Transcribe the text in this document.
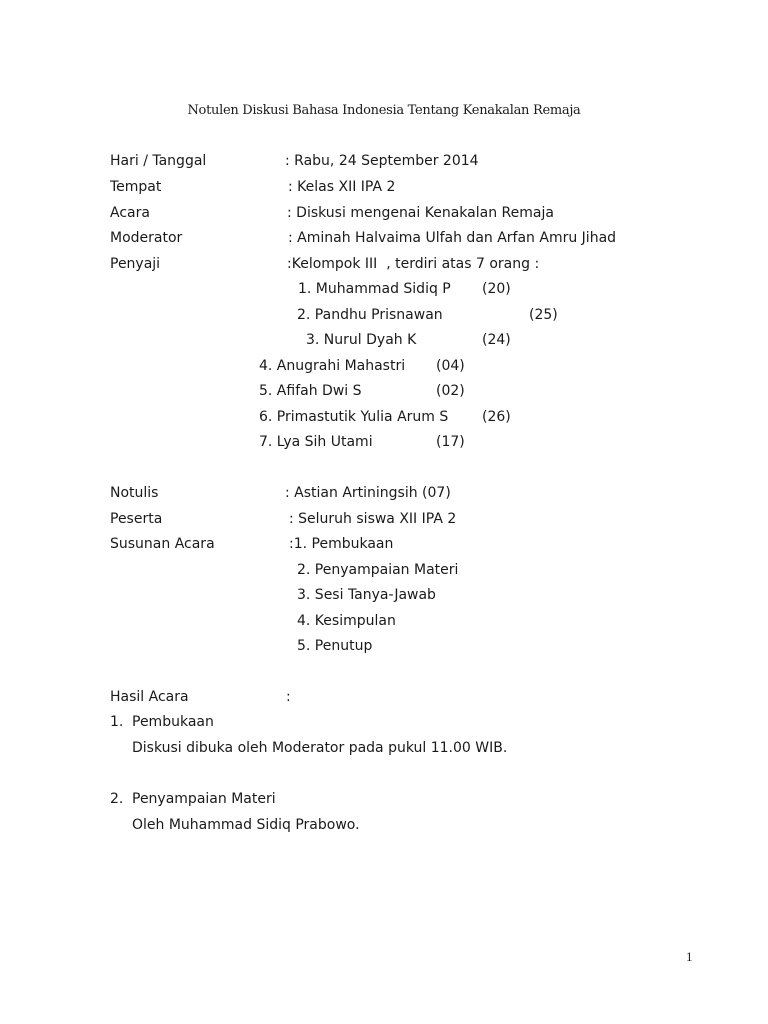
Notulen Diskusi Bahasa Indonesia Tentang Kenakalan Remaja
Hari / Tanggal	: Rabu, 24 September 2014
Tempat	: Kelas XII IPA 2
Acara	: Diskusi mengenai Kenakalan Remaja
Moderator	: Aminah Halvaima Ulfah dan Arfan Amru Jihad
Penyaji	:Kelompok III  , terdiri atas 7 orang :
1. Muhammad Sidiq P (20)
2. Pandhu Prisnawan	(25)
3. Nurul Dyah K	(24)
4. Anugrahi Mahastri (04)
5. Afifah Dwi S	(02)
6. Primastutik Yulia Arum S (26)
7. Lya Sih Utami	(17)
Notulis	: Astian Artiningsih (07)
Peserta	: Seluruh siswa XII IPA 2
Susunan Acara	:1. Pembukaan
2. Penyampaian Materi
3. Sesi Tanya-Jawab
4. Kesimpulan
5. Penutup
Hasil Acara	:
1. Pembukaan
Diskusi dibuka oleh Moderator pada pukul 11.00 WIB.
2. Penyampaian Materi
Oleh Muhammad Sidiq Prabowo.
1
